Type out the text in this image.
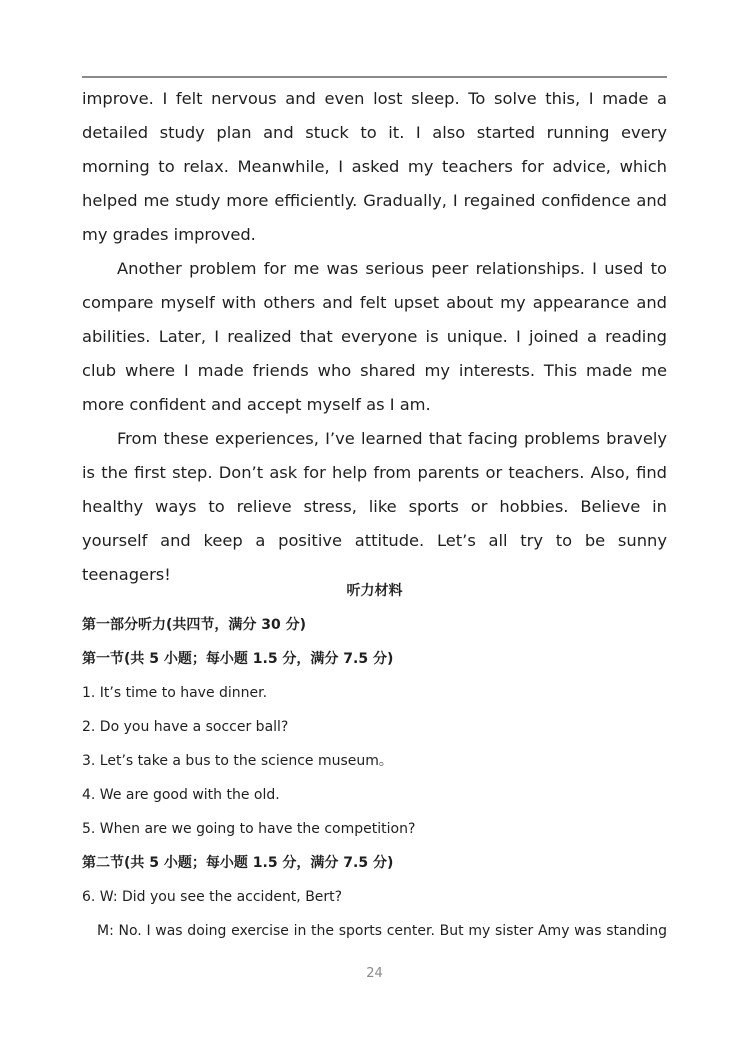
improve. I felt nervous and even lost sleep. To solve this, I made a detailed study plan and stuck to it. I also started running every morning to relax. Meanwhile, I asked my teachers for advice, which helped me study more efficiently. Gradually, I regained confidence and my grades improved.

Another problem for me was serious peer relationships. I used to compare myself with others and felt upset about my appearance and abilities. Later, I realized that everyone is unique. I joined a reading club where I made friends who shared my interests. This made me more confident and accept myself as I am.

From these experiences, I’ve learned that facing problems bravely is the first step. Don’t ask for help from parents or teachers. Also, find healthy ways to relieve stress, like sports or hobbies. Believe in yourself and keep a positive attitude. Let’s all try to be sunny teenagers!

听力材料
第一部分听力(共四节，满分 30 分)
第一节(共 5 小题；每小题 1.5 分，满分 7.5 分)
1. It’s time to have dinner.
2. Do you have a soccer ball?
3. Let’s take a bus to the science museum。
4. We are good with the old.
5. When are we going to have the competition?
第二节(共 5 小题；每小题 1.5 分，满分 7.5 分)
6. W: Did you see the accident, Bert?
M: No. I was doing exercise in the sports center. But my sister Amy was standing
24
